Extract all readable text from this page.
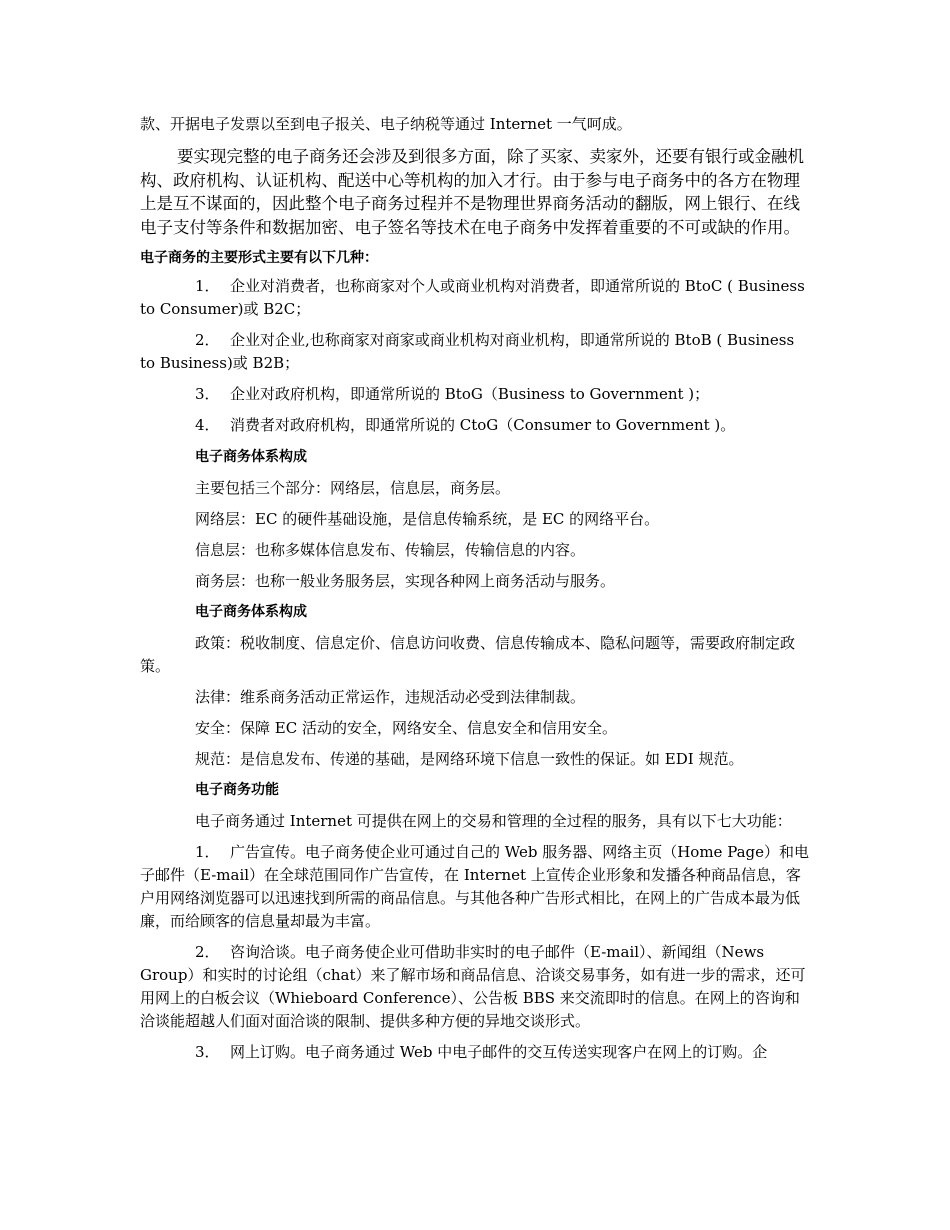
款、开据电子发票以至到电子报关、电子纳税等通过 Internet 一气呵成。

要实现完整的电子商务还会涉及到很多方面，除了买家、卖家外，还要有银行或金融机构、政府机构、认证机构、配送中心等机构的加入才行。由于参与电子商务中的各方在物理上是互不谋面的，因此整个电子商务过程并不是物理世界商务活动的翻版，网上银行、在线电子支付等条件和数据加密、电子签名等技术在电子商务中发挥着重要的不可或缺的作用。

电子商务的主要形式主要有以下几种：

1． 企业对消费者，也称商家对个人或商业机构对消费者，即通常所说的 BtoC ( Business to Consumer)或 B2C；

2． 企业对企业,也称商家对商家或商业机构对商业机构，即通常所说的 BtoB ( Business to Business)或 B2B；

3． 企业对政府机构，即通常所说的 BtoG（Business to Government )；

4． 消费者对政府机构，即通常所说的 CtoG（Consumer to Government )。

电子商务体系构成

主要包括三个部分：网络层，信息层，商务层。

网络层：EC 的硬件基础设施，是信息传输系统，是 EC 的网络平台。

信息层：也称多媒体信息发布、传输层，传输信息的内容。

商务层：也称一般业务服务层，实现各种网上商务活动与服务。

电子商务体系构成

政策：税收制度、信息定价、信息访问收费、信息传输成本、隐私问题等，需要政府制定政策。

法律：维系商务活动正常运作，违规活动必受到法律制裁。

安全：保障 EC 活动的安全，网络安全、信息安全和信用安全。

规范：是信息发布、传递的基础，是网络环境下信息一致性的保证。如 EDI 规范。

电子商务功能

电子商务通过 Internet 可提供在网上的交易和管理的全过程的服务，具有以下七大功能：

1． 广告宣传。电子商务使企业可通过自己的 Web 服务器、网络主页（Home Page）和电子邮件（E-mail）在全球范围同作广告宣传，在 Internet 上宣传企业形象和发播各种商品信息，客户用网络浏览器可以迅速找到所需的商品信息。与其他各种广告形式相比，在网上的广告成本最为低廉，而给顾客的信息量却最为丰富。

2． 咨询洽谈。电子商务使企业可借助非实时的电子邮件（E-mail）、新闻组（News Group）和实时的讨论组（chat）来了解市场和商品信息、洽谈交易事务，如有进一步的需求，还可用网上的白板会议（Whieboard Conference）、公告板 BBS 来交流即时的信息。在网上的咨询和洽谈能超越人们面对面洽谈的限制、提供多种方便的异地交谈形式。

3． 网上订购。电子商务通过 Web 中电子邮件的交互传送实现客户在网上的订购。企
